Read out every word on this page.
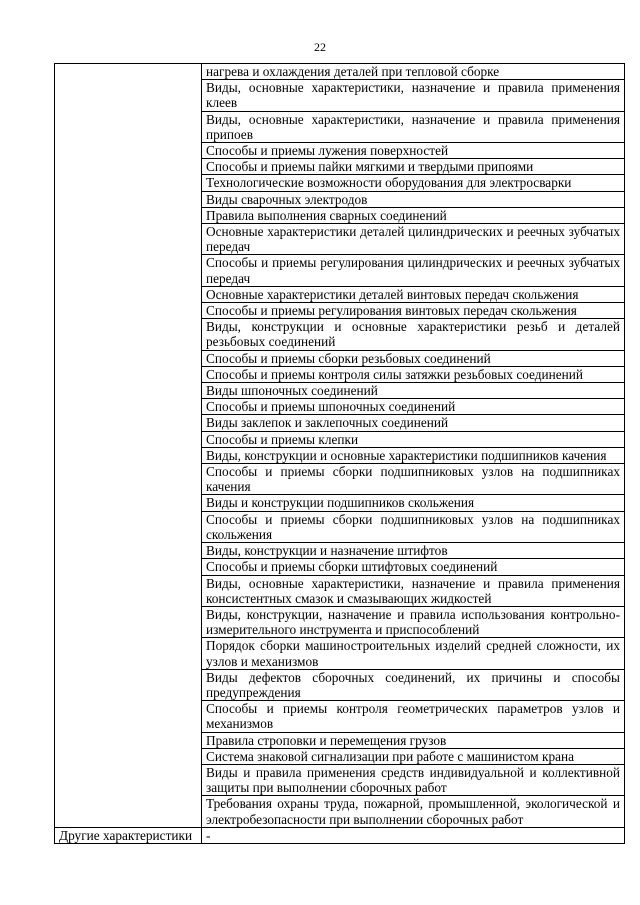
22
	нагрева и охлаждения деталей при тепловой сборке
	Виды, основные характеристики, назначение и правила применения клеев
	Виды, основные характеристики, назначение и правила применения припоев
	Способы и приемы лужения поверхностей
	Способы и приемы пайки мягкими и твердыми припоями
	Технологические возможности оборудования для электросварки
	Виды сварочных электродов
	Правила выполнения сварных соединений
	Основные характеристики деталей цилиндрических и реечных зубчатых передач
	Способы и приемы регулирования цилиндрических и реечных зубчатых передач
	Основные характеристики деталей винтовых передач скольжения
	Способы и приемы регулирования винтовых передач скольжения
	Виды, конструкции и основные характеристики резьб и деталей резьбовых соединений
	Способы и приемы сборки резьбовых соединений
	Способы и приемы контроля силы затяжки резьбовых соединений
	Виды шпоночных соединений
	Способы и приемы шпоночных соединений
	Виды заклепок и заклепочных соединений
	Способы и приемы клепки
	Виды, конструкции и основные характеристики подшипников качения
	Способы и приемы сборки подшипниковых узлов на подшипниках качения
	Виды и конструкции подшипников скольжения
	Способы и приемы сборки подшипниковых узлов на подшипниках скольжения
	Виды, конструкции и назначение штифтов
	Способы и приемы сборки штифтовых соединений
	Виды, основные характеристики, назначение и правила применения консистентных смазок и смазывающих жидкостей
	Виды, конструкции, назначение и правила использования контрольно-измерительного инструмента и приспособлений
	Порядок сборки машиностроительных изделий средней сложности, их узлов и механизмов
	Виды дефектов сборочных соединений, их причины и способы предупреждения
	Способы и приемы контроля геометрических параметров узлов и механизмов
	Правила строповки и перемещения грузов
	Система знаковой сигнализации при работе с машинистом крана
	Виды и правила применения средств индивидуальной и коллективной защиты при выполнении сборочных работ
	Требования охраны труда, пожарной, промышленной, экологической и электробезопасности при выполнении сборочных работ
Другие характеристики	-
